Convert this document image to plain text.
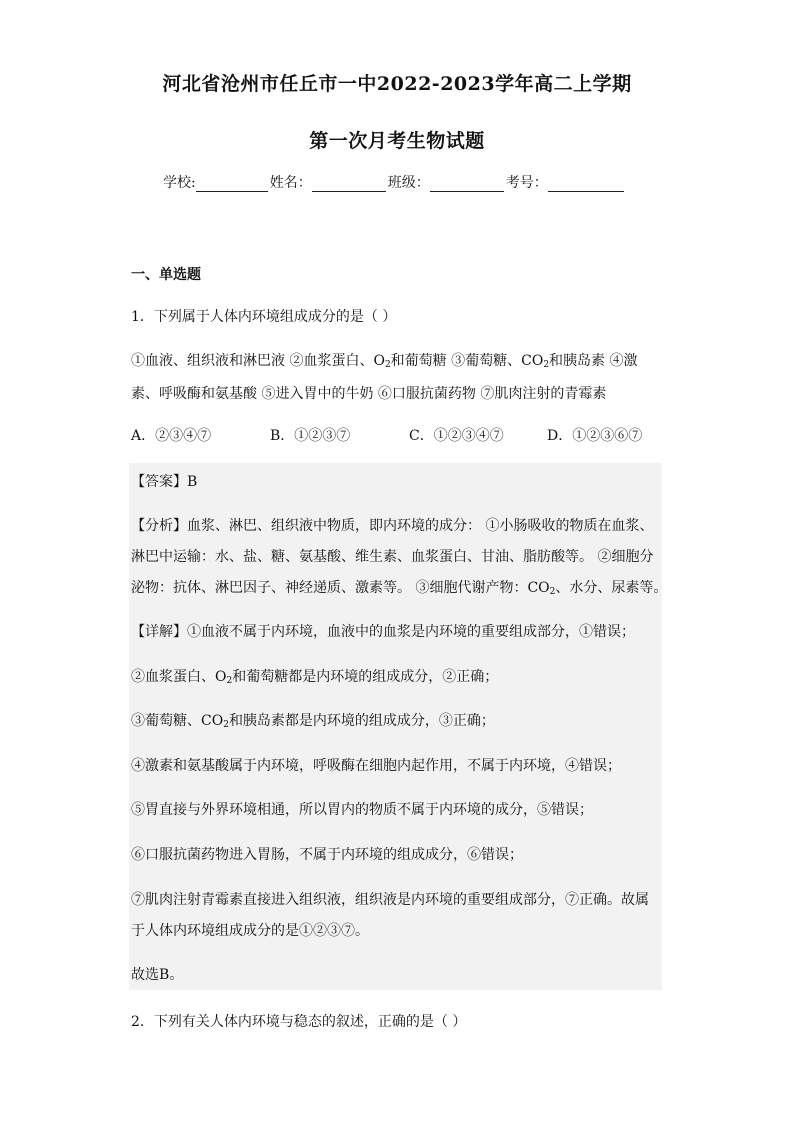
河北省沧州市任丘市一中2022-2023学年高二上学期
第一次月考生物试题
学校:	姓名：	班级：	考号：
一、单选题
1．下列属于人体内环境组成成分的是（ ）
①血液、组织液和淋巴液 ②血浆蛋白、$O_2$和葡萄糖 ③葡萄糖、$CO_2$和胰岛素 ④激
素、呼吸酶和氨基酸 ⑤进入胃中的牛奶 ⑥口服抗菌药物 ⑦肌肉注射的青霉素
A．②③④⑦	B．①②③⑦	C．①②③④⑦	D．①②③⑥⑦
【答案】B
【分析】血浆、淋巴、组织液中物质，即内环境的成分： ①小肠吸收的物质在血浆、
淋巴中运输：水、盐、糖、氨基酸、维生素、血浆蛋白、甘油、脂肪酸等。 ②细胞分
泌物：抗体、淋巴因子、神经递质、激素等。 ③细胞代谢产物：$CO_2$、水分、尿素等。
【详解】①血液不属于内环境，血液中的血浆是内环境的重要组成部分，①错误；
②血浆蛋白、$O_2$和葡萄糖都是内环境的组成成分，②正确；
③葡萄糖、$CO_2$和胰岛素都是内环境的组成成分，③正确；
④激素和氨基酸属于内环境，呼吸酶在细胞内起作用，不属于内环境，④错误；
⑤胃直接与外界环境相通，所以胃内的物质不属于内环境的成分，⑤错误；
⑥口服抗菌药物进入胃肠，不属于内环境的组成成分，⑥错误；
⑦肌肉注射青霉素直接进入组织液，组织液是内环境的重要组成部分，⑦正确。故属
于人体内环境组成成分的是①②③⑦。
故选B。
2．下列有关人体内环境与稳态的叙述，正确的是（ ）
